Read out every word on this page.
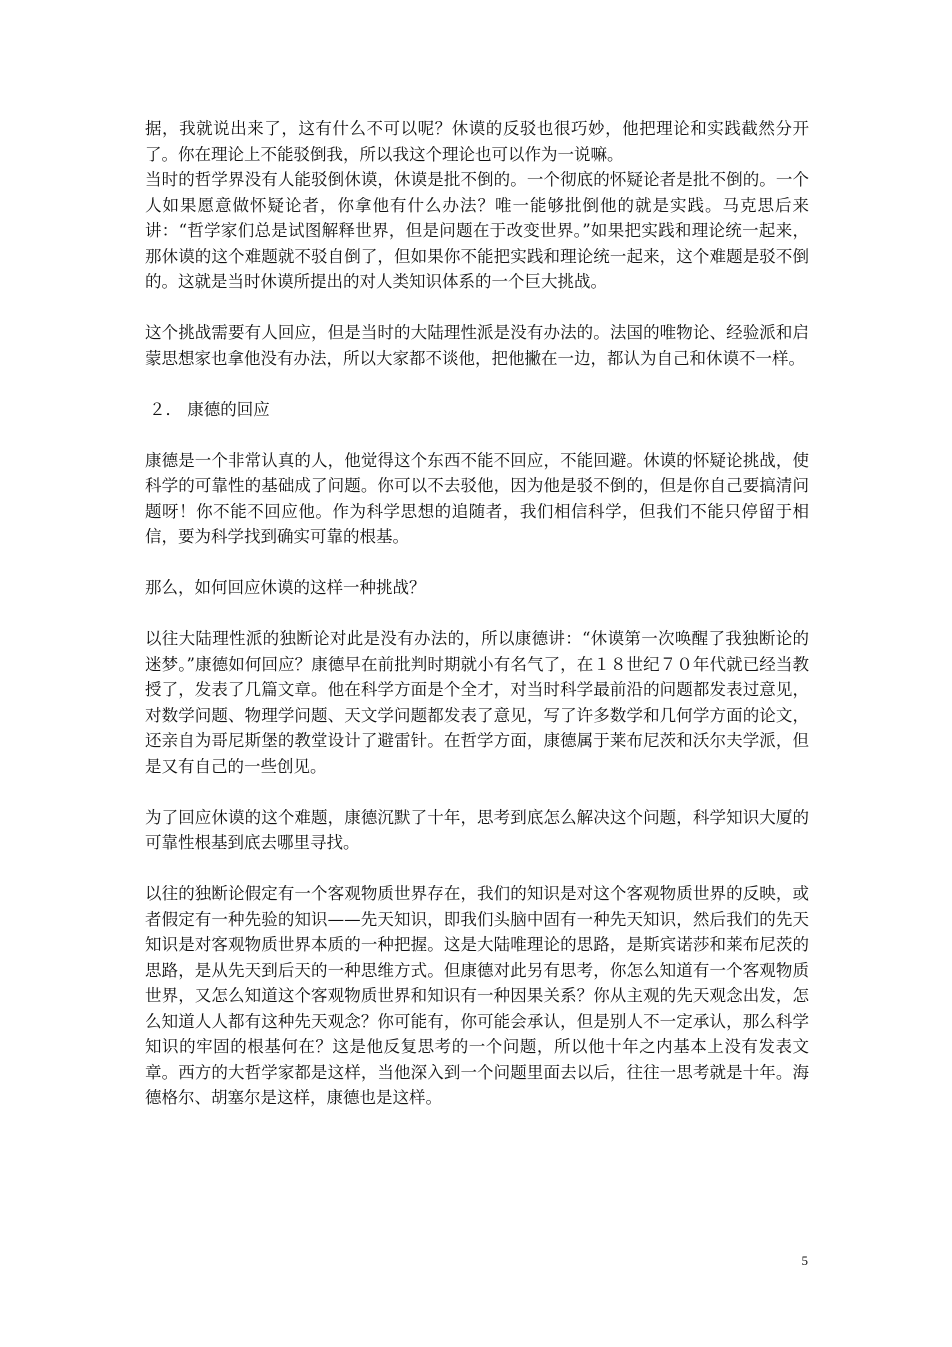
据，我就说出来了，这有什么不可以呢？休谟的反驳也很巧妙，他把理论和实践截然分开了。你在理论上不能驳倒我，所以我这个理论也可以作为一说嘛。

当时的哲学界没有人能驳倒休谟，休谟是批不倒的。一个彻底的怀疑论者是批不倒的。一个人如果愿意做怀疑论者，你拿他有什么办法？唯一能够批倒他的就是实践。马克思后来讲：“哲学家们总是试图解释世界，但是问题在于改变世界。”如果把实践和理论统一起来，那休谟的这个难题就不驳自倒了，但如果你不能把实践和理论统一起来，这个难题是驳不倒的。这就是当时休谟所提出的对人类知识体系的一个巨大挑战。

这个挑战需要有人回应，但是当时的大陆理性派是没有办法的。法国的唯物论、经验派和启蒙思想家也拿他没有办法，所以大家都不谈他，把他撇在一边，都认为自己和休谟不一样。

２． 康德的回应

康德是一个非常认真的人，他觉得这个东西不能不回应，不能回避。休谟的怀疑论挑战，使科学的可靠性的基础成了问题。你可以不去驳他，因为他是驳不倒的，但是你自己要搞清问题呀！你不能不回应他。作为科学思想的追随者，我们相信科学，但我们不能只停留于相信，要为科学找到确实可靠的根基。

那么，如何回应休谟的这样一种挑战？

以往大陆理性派的独断论对此是没有办法的，所以康德讲：“休谟第一次唤醒了我独断论的迷梦。”康德如何回应？康德早在前批判时期就小有名气了，在１８世纪７０年代就已经当教授了，发表了几篇文章。他在科学方面是个全才，对当时科学最前沿的问题都发表过意见，对数学问题、物理学问题、天文学问题都发表了意见，写了许多数学和几何学方面的论文，还亲自为哥尼斯堡的教堂设计了避雷针。在哲学方面，康德属于莱布尼茨和沃尔夫学派，但是又有自己的一些创见。

为了回应休谟的这个难题，康德沉默了十年，思考到底怎么解决这个问题，科学知识大厦的可靠性根基到底去哪里寻找。

以往的独断论假定有一个客观物质世界存在，我们的知识是对这个客观物质世界的反映，或者假定有一种先验的知识——先天知识，即我们头脑中固有一种先天知识，然后我们的先天知识是对客观物质世界本质的一种把握。这是大陆唯理论的思路，是斯宾诺莎和莱布尼茨的思路，是从先天到后天的一种思维方式。但康德对此另有思考，你怎么知道有一个客观物质世界，又怎么知道这个客观物质世界和知识有一种因果关系？你从主观的先天观念出发，怎么知道人人都有这种先天观念？你可能有，你可能会承认，但是别人不一定承认，那么科学知识的牢固的根基何在？这是他反复思考的一个问题，所以他十年之内基本上没有发表文章。西方的大哲学家都是这样，当他深入到一个问题里面去以后，往往一思考就是十年。海德格尔、胡塞尔是这样，康德也是这样。

5
